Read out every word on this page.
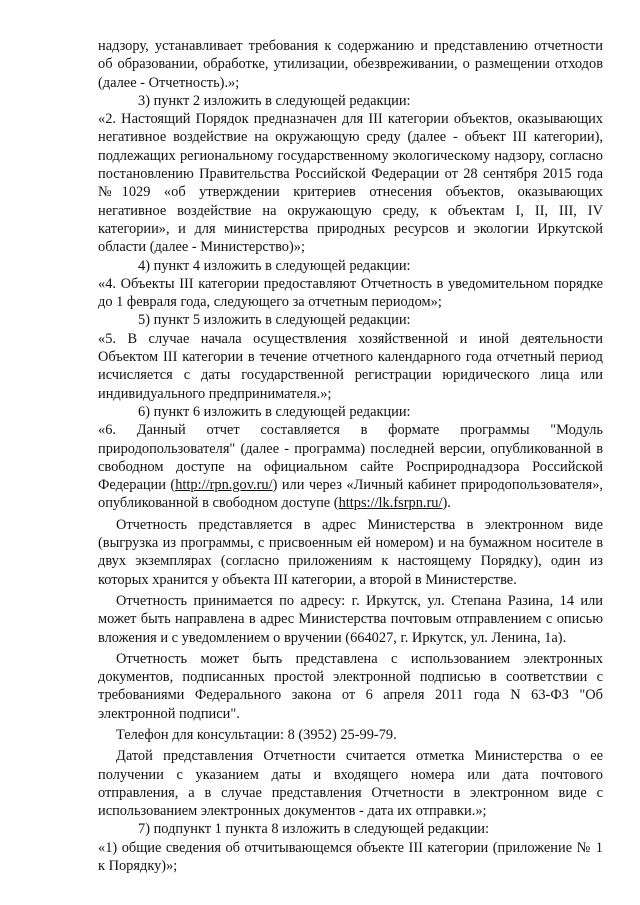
надзору, устанавливает требования к содержанию и представлению отчетности об образовании, обработке, утилизации, обезвреживании, о размещении отходов (далее - Отчетность).»;

3) пункт 2 изложить в следующей редакции:

«2. Настоящий Порядок предназначен для III категории объектов, оказывающих негативное воздействие на окружающую среду (далее - объект III категории), подлежащих региональному государственному экологическому надзору, согласно постановлению Правительства Российской Федерации от 28 сентября 2015 года №1029 «об утверждении критериев отнесения объектов, оказывающих негативное воздействие на окружающую среду, к объектам I, II, III, IV категории», и для министерства природных ресурсов и экологии Иркутской области (далее - Министерство)»;

4) пункт 4 изложить в следующей редакции:

«4. Объекты III категории предоставляют Отчетность в уведомительном порядке до 1 февраля года, следующего за отчетным периодом»;

5) пункт 5 изложить в следующей редакции:

«5. В случае начала осуществления хозяйственной и иной деятельности Объектом III категории в течение отчетного календарного года отчетный период исчисляется с даты государственной регистрации юридического лица или индивидуального предпринимателя.»;

6) пункт 6 изложить в следующей редакции:

«6. Данный отчет составляется в формате программы "Модуль природопользователя" (далее - программа) последней версии, опубликованной в свободном доступе на официальном сайте Росприроднадзора Российской Федерации (http://rpn.gov.ru/) или через «Личный кабинет природопользователя», опубликованной в свободном доступе (https://lk.fsrpn.ru/).

Отчетность представляется в адрес Министерства в электронном виде (выгрузка из программы, с присвоенным ей номером) и на бумажном носителе в двух экземплярах (согласно приложениям к настоящему Порядку), один из которых хранится у объекта III категории, а второй в Министерстве.

Отчетность принимается по адресу: г. Иркутск, ул. Степана Разина, 14 или может быть направлена в адрес Министерства почтовым отправлением с описью вложения и с уведомлением о вручении (664027, г. Иркутск, ул. Ленина, 1а).

Отчетность может быть представлена с использованием электронных документов, подписанных простой электронной подписью в соответствии с требованиями Федерального закона от 6 апреля 2011 года N 63-ФЗ "Об электронной подписи".

Телефон для консультации: 8 (3952) 25-99-79.

Датой представления Отчетности считается отметка Министерства о ее получении с указанием даты и входящего номера или дата почтового отправления, а в случае представления Отчетности в электронном виде с использованием электронных документов - дата их отправки.»;

7) подпункт 1 пункта 8 изложить в следующей редакции:

«1) общие сведения об отчитывающемся объекте III категории (приложение № 1 к Порядку)»;
